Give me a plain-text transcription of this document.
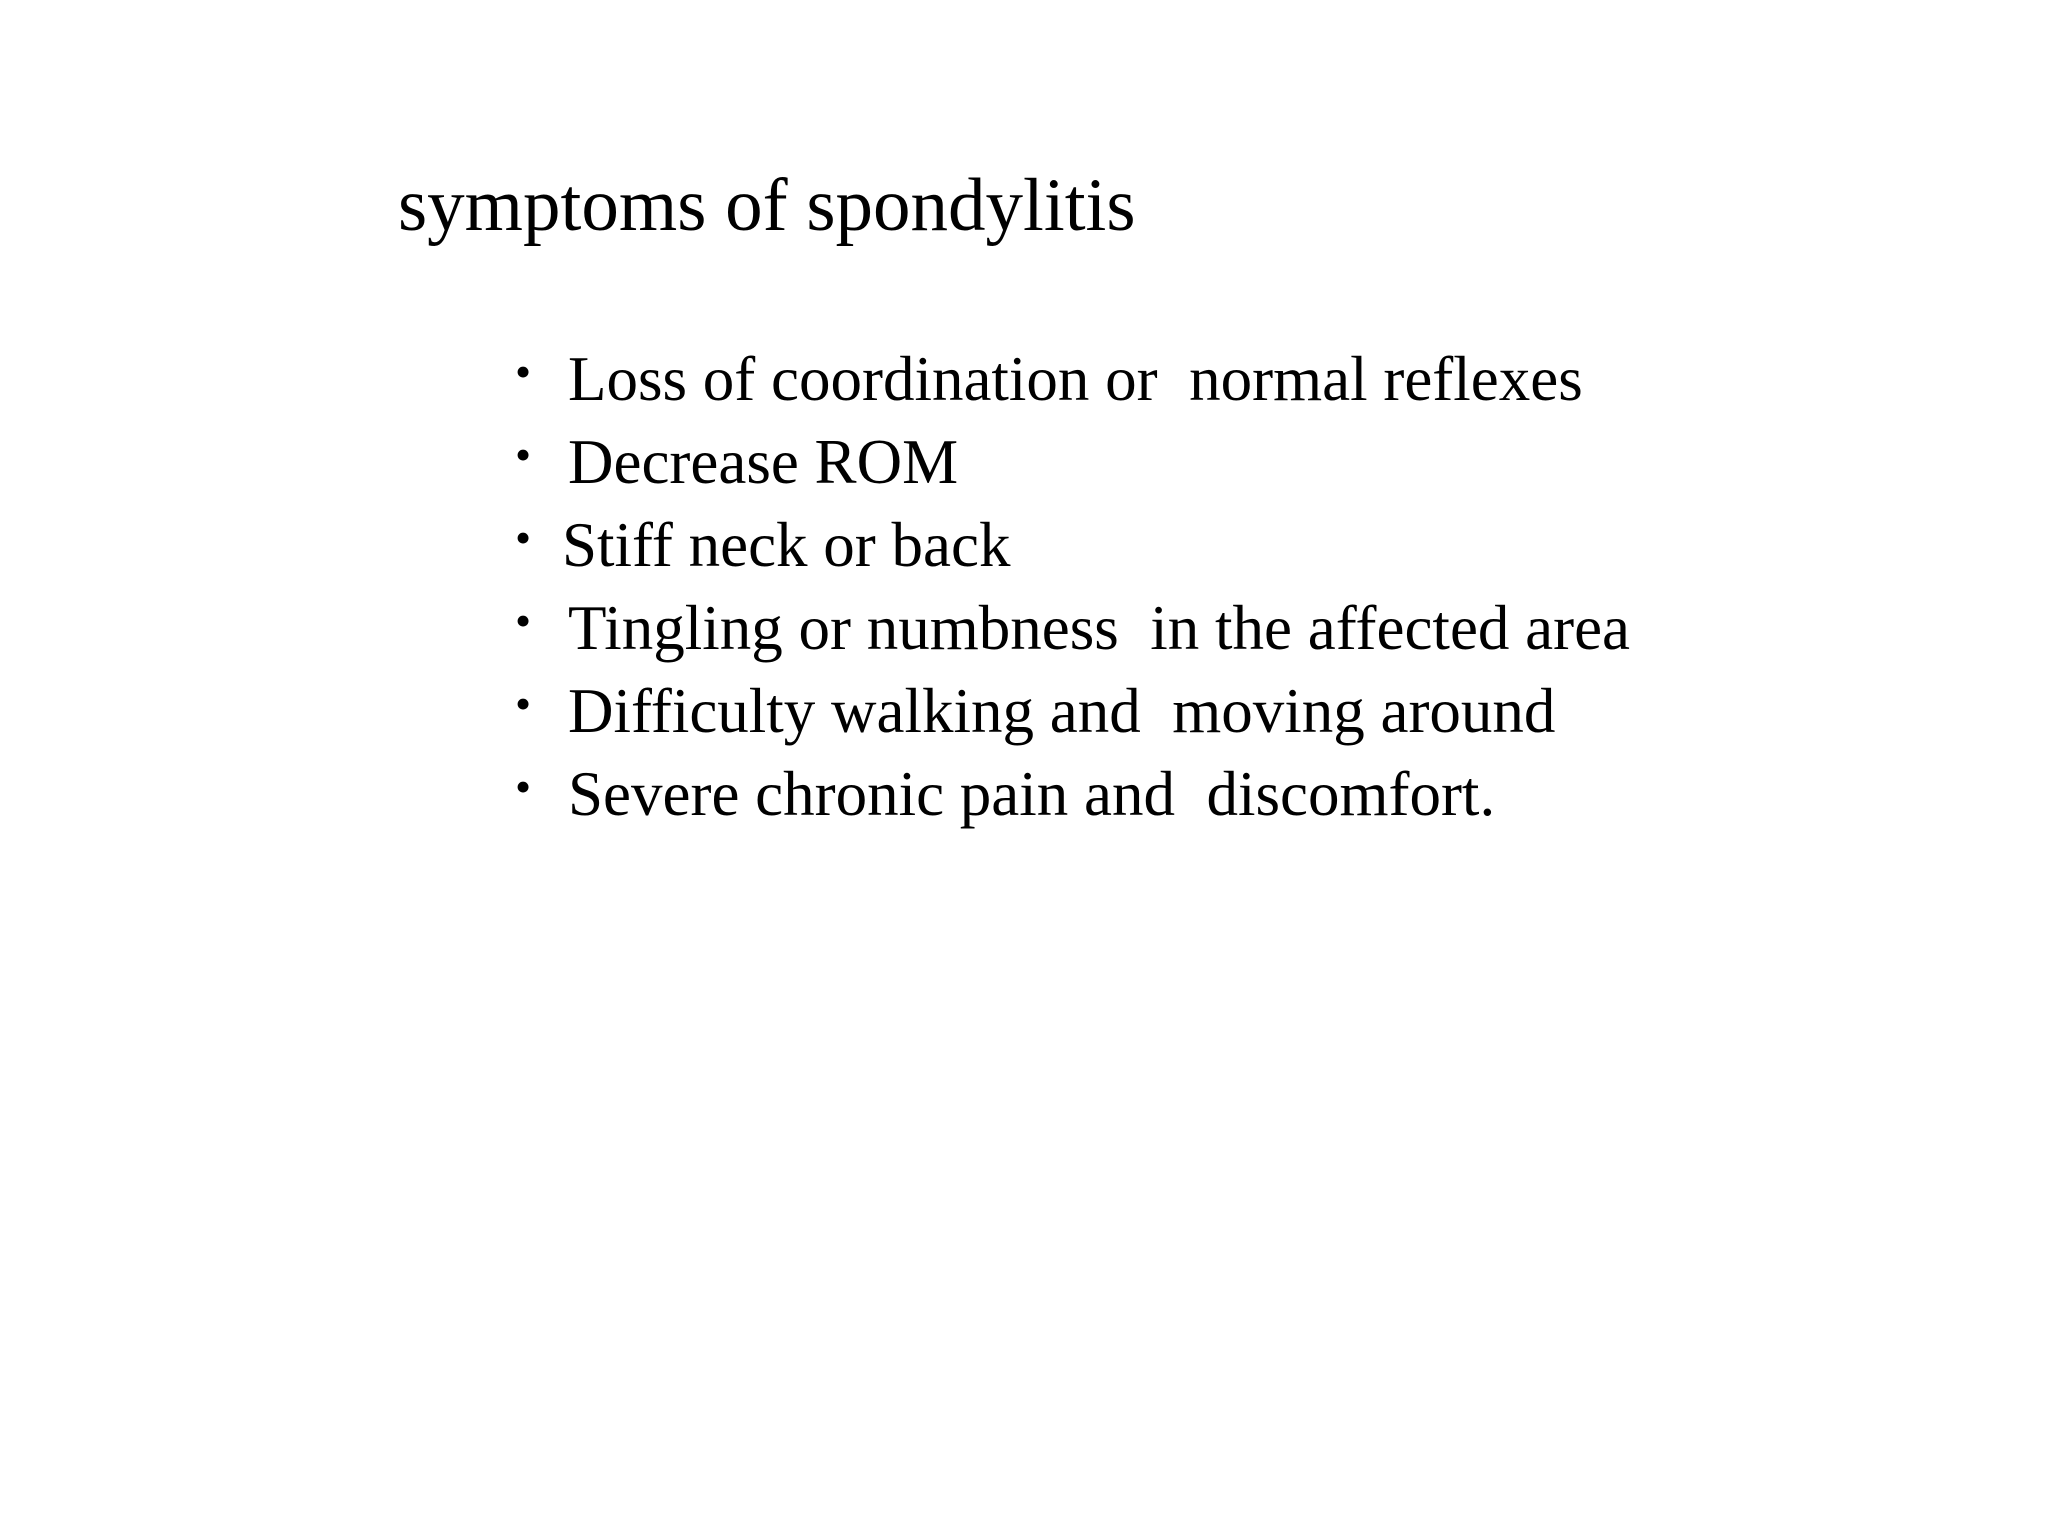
symptoms of spondylitis

•

Loss of coordination or  normal reflexes

•

Decrease ROM

•

Stiff neck or back

•

Tingling or numbness  in the affected area

•

Difficulty walking and  moving around

•

Severe chronic pain and  discomfort.
